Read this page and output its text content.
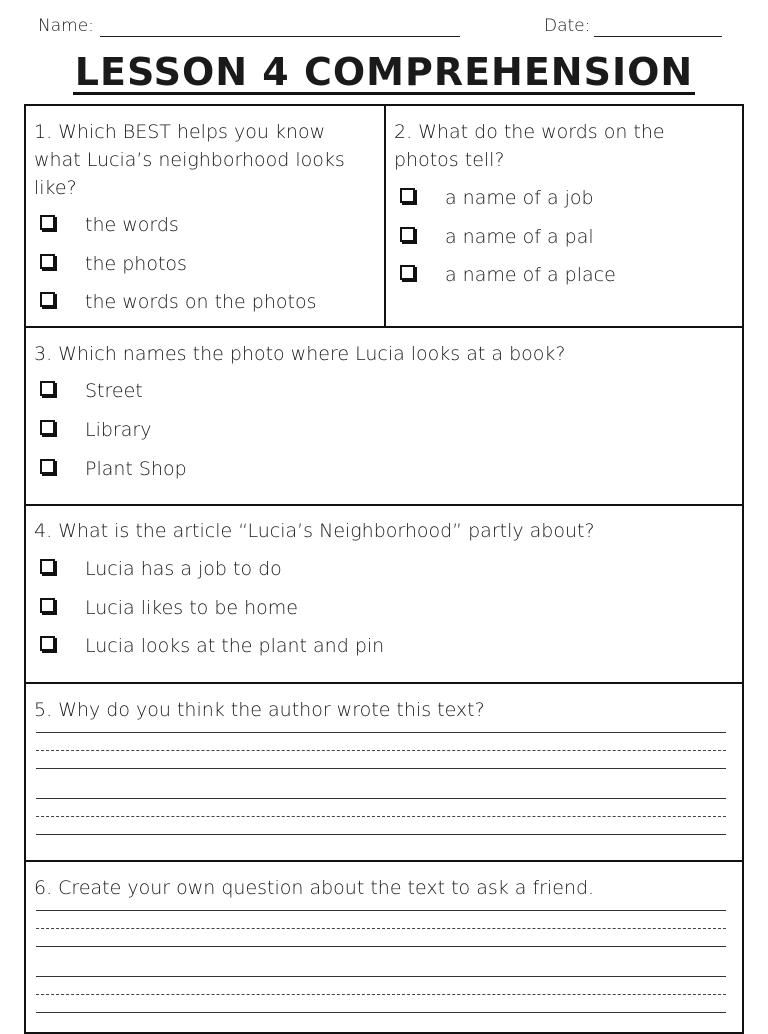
Name:	Date:
LESSON 4 COMPREHENSION
1. Which BEST helps you know what Lucia’s neighborhood looks like?
the words
the photos
the words on the photos
2. What do the words on the photos tell?
a name of a job
a name of a pal
a name of a place
3. Which names the photo where Lucia looks at a book?
Street
Library
Plant Shop
4. What is the article “Lucia’s Neighborhood” partly about?
Lucia has a job to do
Lucia likes to be home
Lucia looks at the plant and pin
5. Why do you think the author wrote this text?
6. Create your own question about the text to ask a friend.
